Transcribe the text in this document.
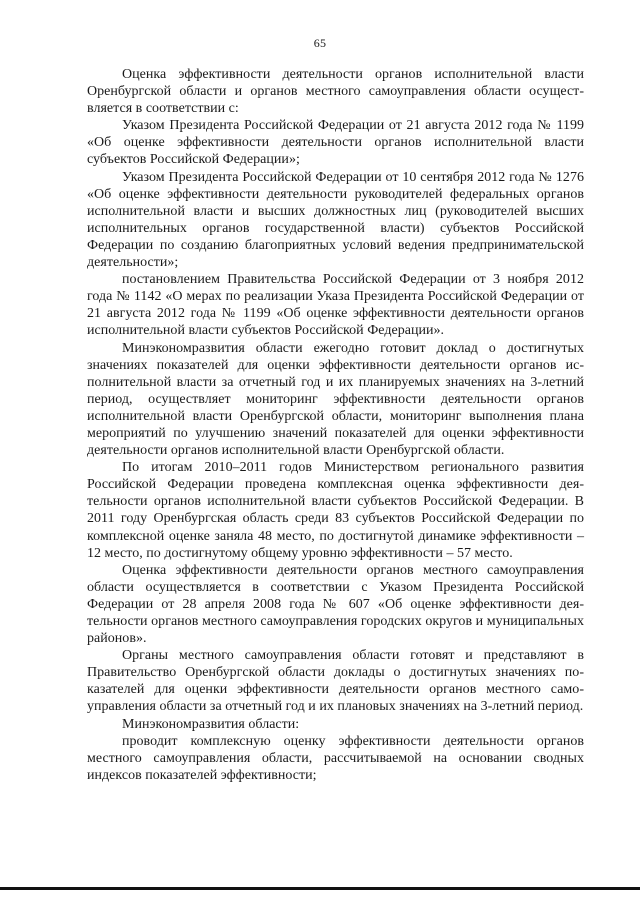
65

Оценка эффективности деятельности органов исполнительной власти Оренбургской области и органов местного самоуправления области осуществляется в соответствии с:

Указом Президента Российской Федерации от 21 августа 2012 года № 1199 «Об оценке эффективности деятельности органов исполнительной власти субъектов Российской Федерации»;

Указом Президента Российской Федерации от 10 сентября 2012 года № 1276 «Об оценке эффективности деятельности руководителей федеральных органов исполнительной власти и высших должностных лиц (руководителей высших исполнительных органов государственной власти) субъектов Российской Федерации по созданию благоприятных условий ведения предпринимательской деятельности»;

постановлением Правительства Российской Федерации от 3 ноября 2012 года № 1142 «О мерах по реализации Указа Президента Российской Федерации от 21 августа 2012 года № 1199 «Об оценке эффективности деятельности органов исполнительной власти субъектов Российской Федерации».

Минэкономразвития области ежегодно готовит доклад о достигнутых значениях показателей для оценки эффективности деятельности органов исполнительной власти за отчетный год и их планируемых значениях на 3-летний период, осуществляет мониторинг эффективности деятельности органов исполнительной власти Оренбургской области, мониторинг выполнения плана мероприятий по улучшению значений показателей для оценки эффективности деятельности органов исполнительной власти Оренбургской области.

По итогам 2010–2011 годов Министерством регионального развития Российской Федерации проведена комплексная оценка эффективности деятельности органов исполнительной власти субъектов Российской Федерации. В 2011 году Оренбургская область среди 83 субъектов Российской Федерации по комплексной оценке заняла 48 место, по достигнутой динамике эффективности – 12 место, по достигнутому общему уровню эффективности – 57 место.

Оценка эффективности деятельности органов местного самоуправления области осуществляется в соответствии с Указом Президента Российской Федерации от 28 апреля 2008 года № 607 «Об оценке эффективности деятельности органов местного самоуправления городских округов и муниципальных районов».

Органы местного самоуправления области готовят и представляют в Правительство Оренбургской области доклады о достигнутых значениях показателей для оценки эффективности деятельности органов местного самоуправления области за отчетный год и их плановых значениях на 3-летний период.

Минэкономразвития области:

проводит комплексную оценку эффективности деятельности органов местного самоуправления области, рассчитываемой на основании сводных индексов показателей эффективности;
